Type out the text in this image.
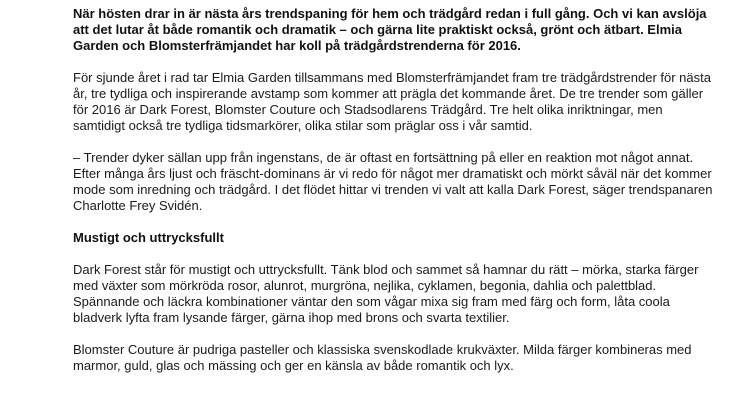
När hösten drar in är nästa års trendspaning för hem och trädgård redan i full gång. Och vi kan avslöja att det lutar åt både romantik och dramatik – och gärna lite praktiskt också, grönt och ätbart. Elmia Garden och Blomsterfrämjandet har koll på trädgårdstrenderna för 2016.

För sjunde året i rad tar Elmia Garden tillsammans med Blomsterfrämjandet fram tre trädgårdstrender för nästa år, tre tydliga och inspirerande avstamp som kommer att prägla det kommande året. De tre trender som gäller för 2016 är Dark Forest, Blomster Couture och Stadsodlarens Trädgård. Tre helt olika inriktningar, men samtidigt också tre tydliga tidsmarkörer, olika stilar som präglar oss i vår samtid.

– Trender dyker sällan upp från ingenstans, de är oftast en fortsättning på eller en reaktion mot något annat. Efter många års ljust och fräscht-dominans är vi redo för något mer dramatiskt och mörkt såväl när det kommer mode som inredning och trädgård. I det flödet hittar vi trenden vi valt att kalla Dark Forest, säger trendspanaren Charlotte Frey Svidén.

Mustigt och uttrycksfullt

Dark Forest står för mustigt och uttrycksfullt. Tänk blod och sammet så hamnar du rätt – mörka, starka färger med växter som mörkröda rosor, alunrot, murgröna, nejlika, cyklamen, begonia, dahlia och palettblad. Spännande och läckra kombinationer väntar den som vågar mixa sig fram med färg och form, låta coola bladverk lyfta fram lysande färger, gärna ihop med brons och svarta textilier.

Blomster Couture är pudriga pasteller och klassiska svenskodlade krukväxter. Milda färger kombineras med marmor, guld, glas och mässing och ger en känsla av både romantik och lyx.
